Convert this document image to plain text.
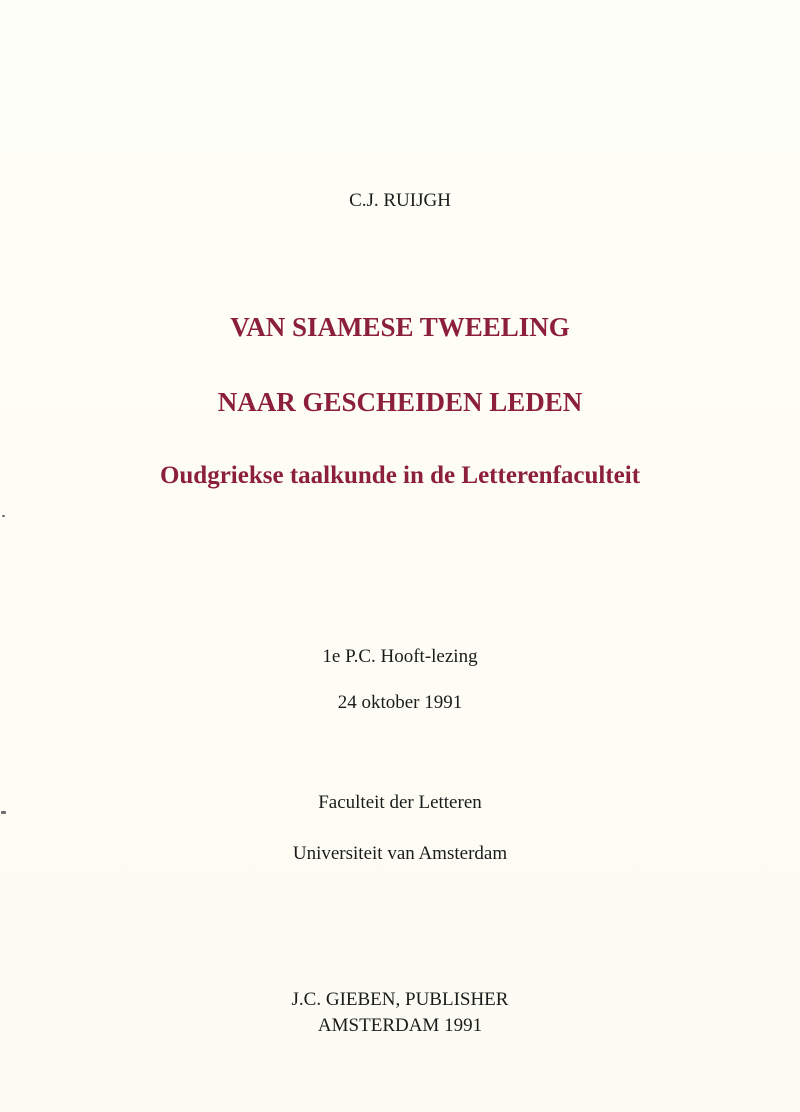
C.J. RUIJGH
VAN SIAMESE TWEELING
NAAR GESCHEIDEN LEDEN
Oudgriekse taalkunde in de Letterenfaculteit
1e P.C. Hooft-lezing
24 oktober 1991
Faculteit der Letteren
Universiteit van Amsterdam
J.C. GIEBEN, PUBLISHER
AMSTERDAM 1991
